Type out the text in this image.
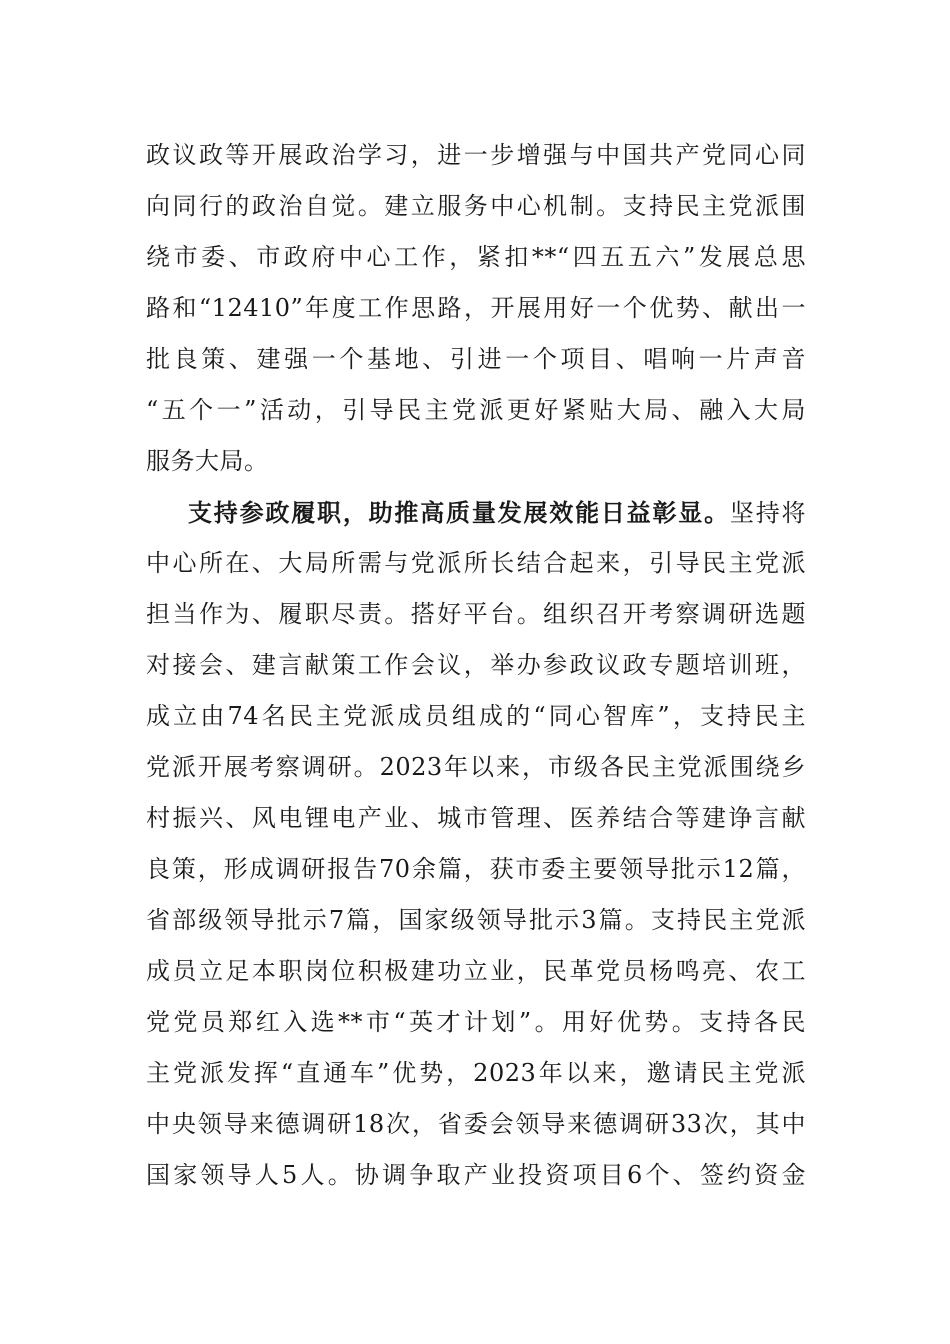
政议政等开展政治学习，进一步增强与中国共产党同心同
向同行的政治自觉。建立服务中心机制。支持民主党派围
绕市委、市政府中心工作，紧扣**“四五五六”发展总思
路和“12410”年度工作思路，开展用好一个优势、献出一
批良策、建强一个基地、引进一个项目、唱响一片声音
“五个一”活动，引导民主党派更好紧贴大局、融入大局
服务大局。
支持参政履职，助推高质量发展效能日益彰显。坚持将
中心所在、大局所需与党派所长结合起来，引导民主党派
担当作为、履职尽责。搭好平台。组织召开考察调研选题
对接会、建言献策工作会议，举办参政议政专题培训班，
成立由74名民主党派成员组成的“同心智库”，支持民主
党派开展考察调研。2023年以来，市级各民主党派围绕乡
村振兴、风电锂电产业、城市管理、医养结合等建诤言献
良策，形成调研报告70余篇，获市委主要领导批示12篇，
省部级领导批示7篇，国家级领导批示3篇。支持民主党派
成员立足本职岗位积极建功立业，民革党员杨鸣亮、农工
党党员郑红入选**市“英才计划”。用好优势。支持各民
主党派发挥“直通车”优势，2023年以来，邀请民主党派
中央领导来德调研18次，省委会领导来德调研33次，其中
国家领导人5人。协调争取产业投资项目6个、签约资金
